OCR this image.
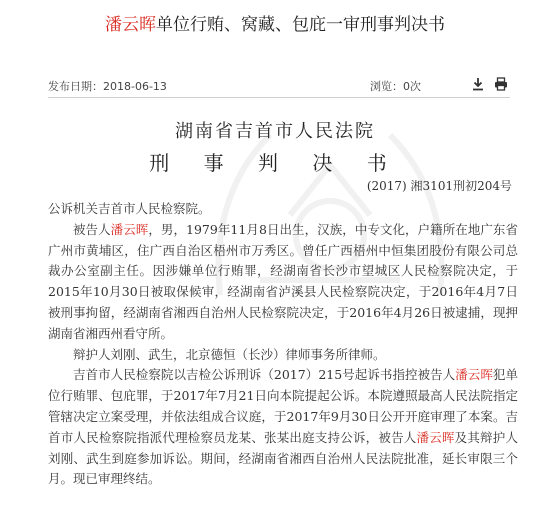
潘云晖单位行贿、窝藏、包庇一审刑事判决书
发布日期：2018-06-13	浏览：0次

湖南省吉首市人民法院
刑 事 判 决 书
(2017) 湘3101刑初204号

公诉机关吉首市人民检察院。

被告人潘云晖，男，1979年11月8日出生，汉族，中专文化，户籍所在地广东省广州市黄埔区，住广西自治区梧州市万秀区。曾任广西梧州中恒集团股份有限公司总裁办公室副主任。因涉嫌单位行贿罪，经湖南省长沙市望城区人民检察院决定，于2015年10月30日被取保候审，经湖南省泸溪县人民检察院决定，于2016年4月7日被刑事拘留，经湖南省湘西自治州人民检察院决定，于2016年4月26日被逮捕，现押湖南省湘西州看守所。

辩护人刘刚、武生，北京德恒（长沙）律师事务所律师。

吉首市人民检察院以吉检公诉刑诉（2017）215号起诉书指控被告人潘云晖犯单位行贿罪、包庇罪，于2017年7月21日向本院提起公诉。本院遵照最高人民法院指定管辖决定立案受理，并依法组成合议庭，于2017年9月30日公开开庭审理了本案。吉首市人民检察院指派代理检察员龙某、张某出庭支持公诉，被告人潘云晖及其辩护人刘刚、武生到庭参加诉讼。期间，经湖南省湘西自治州人民法院批准，延长审限三个月。现已审理终结。
